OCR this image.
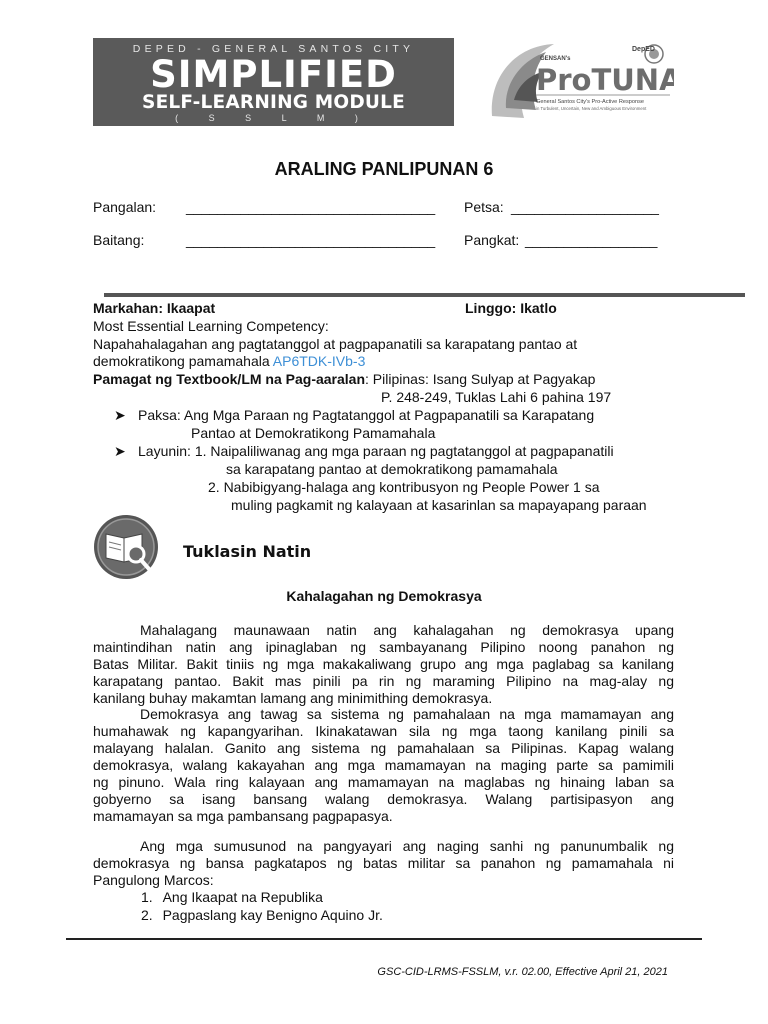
DEPED - GENERAL SANTOS CITY
SIMPLIFIED
SELF-LEARNING MODULE
( S S L M )
GENSAN's
DepED
ProTUNA
General Santos City's Pro-Active Response
in Turbulent, Uncertain, New and Ambiguous Environment
ARALING PANLIPUNAN 6
Pangalan: ________________________________ Petsa: ___________________
Baitang:	________________________________ Pangkat: _________________
Markahan: Ikaapat	Linggo: Ikatlo
Most Essential Learning Competency:
Napahahalagahan ang pagtatanggol at pagpapanatili sa karapatang pantao at
demokratikong pamamahala AP6TDK-IVb-3
Pamagat ng Textbook/LM na Pag-aaralan: Pilipinas: Isang Sulyap at Pagyakap
P. 248-249, Tuklas Lahi 6 pahina 197
➤ Paksa: Ang Mga Paraan ng Pagtatanggol at Pagpapanatili sa Karapatang
Pantao at Demokratikong Pamamahala
➤ Layunin: 1. Naipaliliwanag ang mga paraan ng pagtatanggol at pagpapanatili
sa karapatang pantao at demokratikong pamamahala
2. Nabibigyang-halaga ang kontribusyon ng People Power 1 sa
muling pagkamit ng kalayaan at kasarinlan sa mapayapang paraan
Tuklasin Natin
Kahalagahan ng Demokrasya
Mahalagang maunawaan natin ang kahalagahan ng demokrasya upang
maintindihan natin ang ipinaglaban ng sambayanang Pilipino noong panahon ng
Batas Militar. Bakit tiniis ng mga makakaliwang grupo ang mga paglabag sa kanilang
karapatang pantao. Bakit mas pinili pa rin ng maraming Pilipino na mag-alay ng
kanilang buhay makamtan lamang ang minimithing demokrasya.
Demokrasya ang tawag sa sistema ng pamahalaan na mga mamamayan ang
humahawak ng kapangyarihan. Ikinakatawan sila ng mga taong kanilang pinili sa
malayang halalan. Ganito ang sistema ng pamahalaan sa Pilipinas. Kapag walang
demokrasya, walang kakayahan ang mga mamamayan na maging parte sa pamimili
ng pinuno. Wala ring kalayaan ang mamamayan na maglabas ng hinaing laban sa
gobyerno sa isang bansang walang demokrasya. Walang partisipasyon ang
mamamayan sa mga pambansang pagpapasya.
Ang mga sumusunod na pangyayari ang naging sanhi ng panunumbalik ng
demokrasya ng bansa pagkatapos ng batas militar sa panahon ng pamamahala ni
Pangulong Marcos:
1. Ang Ikaapat na Republika
2. Pagpaslang kay Benigno Aquino Jr.
GSC-CID-LRMS-FSSLM, v.r. 02.00, Effective April 21, 2021
